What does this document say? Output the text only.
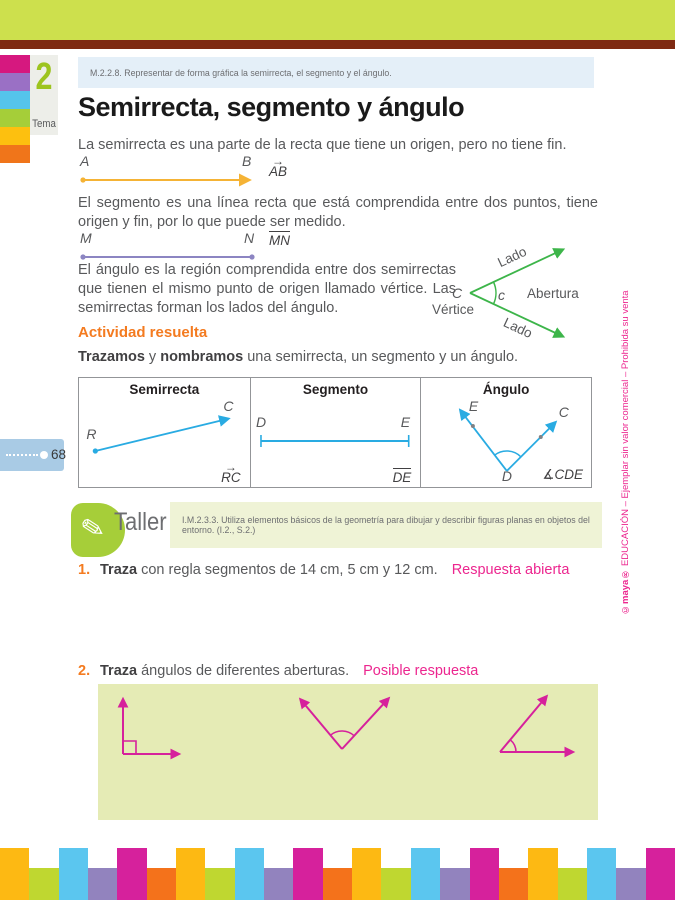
2
Tema
M.2.2.8. Representar de forma gráfica la semirrecta, el segmento y el ángulo.
Semirrecta, segmento y ángulo

La semirrecta es una parte de la recta que tiene un origen, pero no tiene fin.

A	B →
AB

El segmento es una línea recta que está comprendida entre dos puntos, tiene origen y fin, por lo que puede ser medido.

M	N MN

El ángulo es la región comprendida entre dos semirrectas que tienen el mismo punto de origen llamado vértice. Las semirrectas forman los lados del ángulo.

C	c
Vértice
Abertura
Lado
Lado
Actividad resuelta
Trazamos y nombramos una semirrecta, un segmento y un ángulo.
Semirrecta
R
C
→
RC
Segmento
D	E
DE
Ángulo
E	C
D ∡CDE
68
✎ Taller I.M.2.3.3. Utiliza elementos básicos de la geometría para dibujar y describir figuras planas en objetos del entorno. (I.2., S.2.)
1. Traza con regla segmentos de 14 cm, 5 cm y 12 cm. Respuesta abierta
2. Traza ángulos de diferentes aberturas. Posible respuesta
©maya® EDUCACIÓN – Ejemplar sin valor comercial – Prohibida su venta
